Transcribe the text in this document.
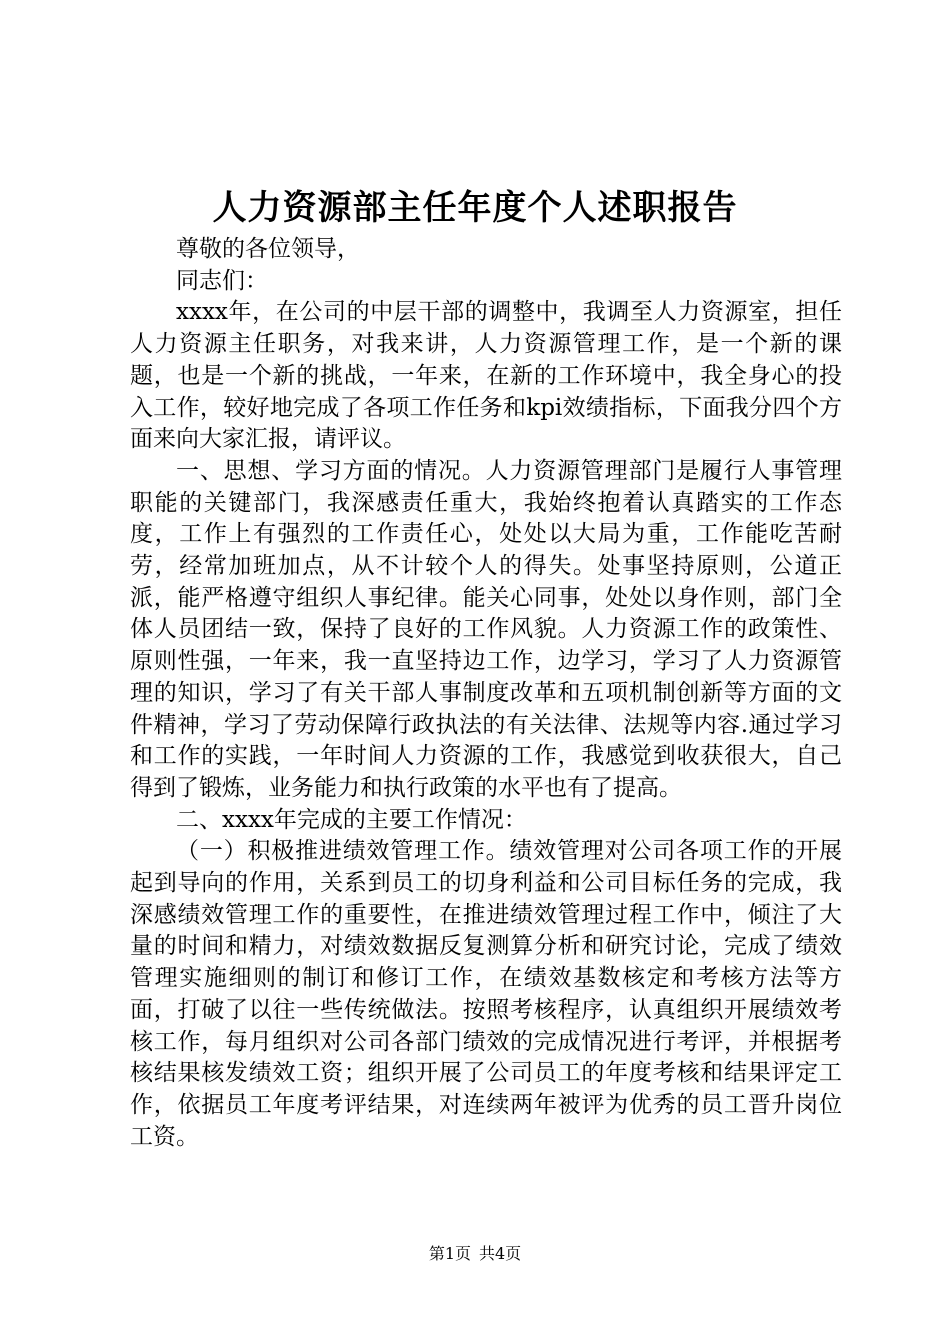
人力资源部主任年度个人述职报告

尊敬的各位领导，

同志们：

xxxx年，在公司的中层干部的调整中，我调至人力资源室，担任人力资源主任职务，对我来讲，人力资源管理工作，是一个新的课题，也是一个新的挑战，一年来，在新的工作环境中，我全身心的投入工作，较好地完成了各项工作任务和kpi效绩指标，下面我分四个方面来向大家汇报，请评议。

一、思想、学习方面的情况。人力资源管理部门是履行人事管理职能的关键部门，我深感责任重大，我始终抱着认真踏实的工作态度，工作上有强烈的工作责任心，处处以大局为重，工作能吃苦耐劳，经常加班加点，从不计较个人的得失。处事坚持原则，公道正派，能严格遵守组织人事纪律。能关心同事，处处以身作则，部门全体人员团结一致，保持了良好的工作风貌。人力资源工作的政策性、原则性强，一年来，我一直坚持边工作，边学习，学习了人力资源管理的知识，学习了有关干部人事制度改革和五项机制创新等方面的文件精神，学习了劳动保障行政执法的有关法律、法规等内容.通过学习和工作的实践，一年时间人力资源的工作，我感觉到收获很大，自己得到了锻炼，业务能力和执行政策的水平也有了提高。

二、xxxx年完成的主要工作情况：

（一）积极推进绩效管理工作。绩效管理对公司各项工作的开展起到导向的作用，关系到员工的切身利益和公司目标任务的完成，我深感绩效管理工作的重要性，在推进绩效管理过程工作中，倾注了大量的时间和精力，对绩效数据反复测算分析和研究讨论，完成了绩效管理实施细则的制订和修订工作，在绩效基数核定和考核方法等方面，打破了以往一些传统做法。按照考核程序，认真组织开展绩效考核工作，每月组织对公司各部门绩效的完成情况进行考评，并根据考核结果核发绩效工资；组织开展了公司员工的年度考核和结果评定工作，依据员工年度考评结果，对连续两年被评为优秀的员工晋升岗位工资。

第1页 共4页
